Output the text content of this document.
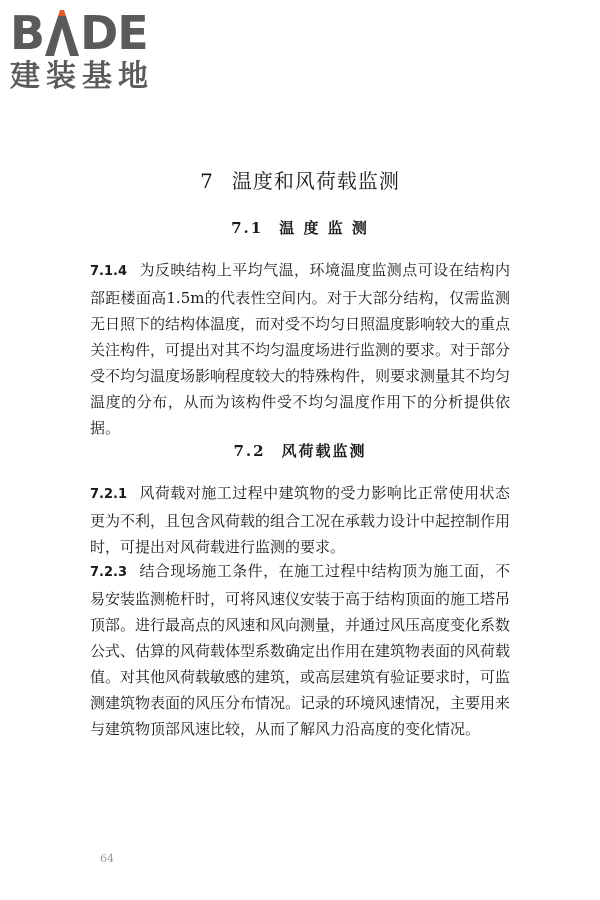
B D E
建装基地
7 温度和风荷载监测
7.1 温 度 监 测
7.1.4 为反映结构上平均气温，环境温度监测点可设在结构内部距楼面高1.5m的代表性空间内。对于大部分结构，仅需监测无日照下的结构体温度，而对受不均匀日照温度影响较大的重点关注构件，可提出对其不均匀温度场进行监测的要求。对于部分受不均匀温度场影响程度较大的特殊构件，则要求测量其不均匀温度的分布，从而为该构件受不均匀温度作用下的分析提供依据。
7.2 风荷载监测
7.2.1 风荷载对施工过程中建筑物的受力影响比正常使用状态更为不利，且包含风荷载的组合工况在承载力设计中起控制作用时，可提出对风荷载进行监测的要求。
7.2.3 结合现场施工条件，在施工过程中结构顶为施工面，不易安装监测桅杆时，可将风速仪安装于高于结构顶面的施工塔吊顶部。进行最高点的风速和风向测量，并通过风压高度变化系数公式、估算的风荷载体型系数确定出作用在建筑物表面的风荷载值。对其他风荷载敏感的建筑，或高层建筑有验证要求时，可监测建筑物表面的风压分布情况。记录的环境风速情况，主要用来与建筑物顶部风速比较，从而了解风力沿高度的变化情况。
64
